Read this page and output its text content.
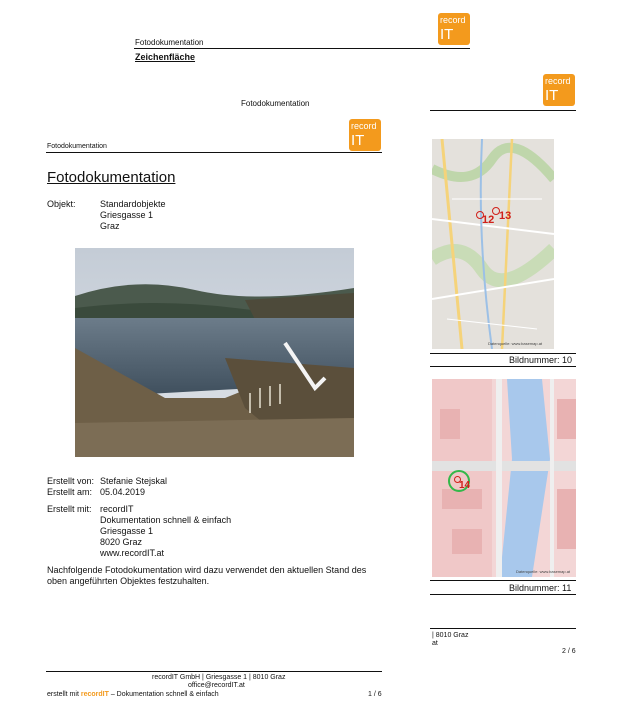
record
IT
Fotodokumentation
Zeichenfläche
record
IT
Fotodokumentation
12 13
Datenquelle: www.basemap.at
Bildnummer: 10
14
Datenquelle: www.basemap.at
Bildnummer: 11
| 8010 Graz
at
2 / 6
record
IT
Fotodokumentation
Fotodokumentation
Objekt:	Standardobjekte
Griesgasse 1
Graz
Erstellt von: Stefanie Stejskal
Erstellt am: 05.04.2019
Erstellt mit: recordIT
Dokumentation schnell & einfach
Griesgasse 1
8020 Graz
www.recordIT.at
Nachfolgende Fotodokumentation wird dazu verwendet den aktuellen Stand des
oben angeführten Objektes festzuhalten.
recordIT GmbH | Griesgasse 1 | 8010 Graz
office@recordIT.at
erstellt mit recordIT – Dokumentation schnell & einfach	1 / 6
